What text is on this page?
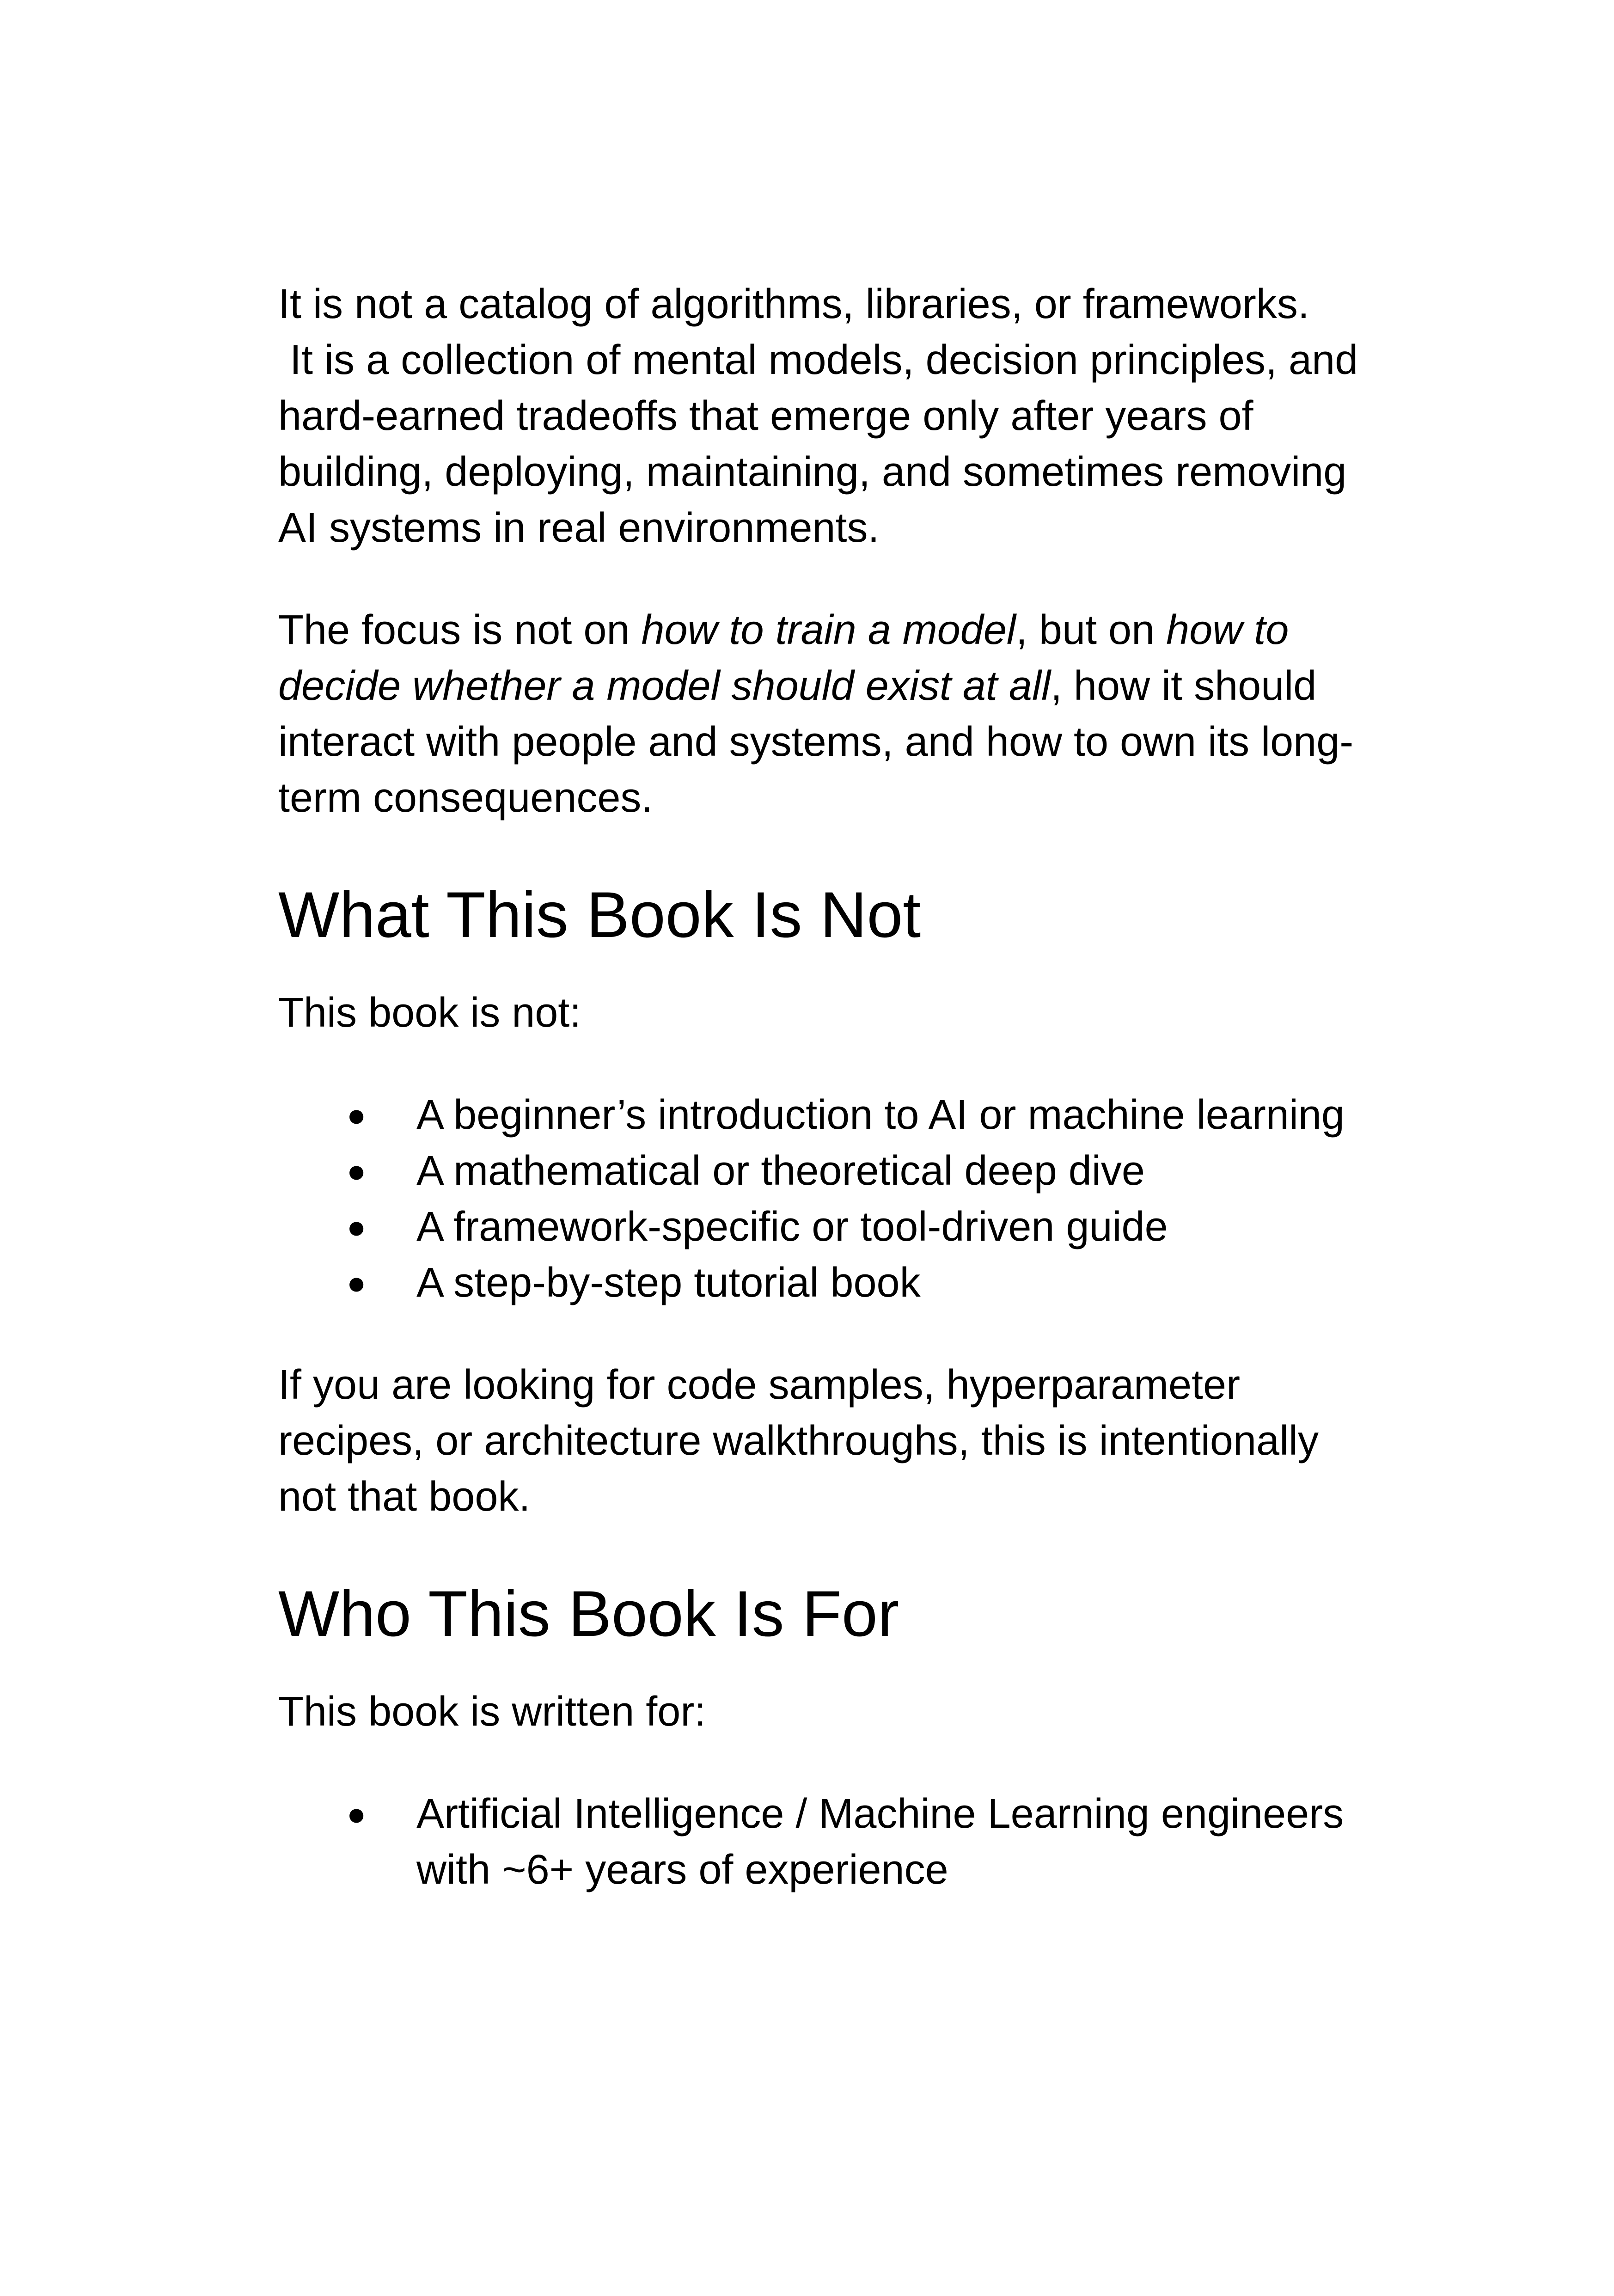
It is not a catalog of algorithms, libraries, or frameworks.
It is a collection of mental models, decision principles, and hard-earned tradeoffs that emerge only after years of building, deploying, maintaining, and sometimes removing AI systems in real environments.

The focus is not on how to train a model, but on how to decide whether a model should exist at all, how it should interact with people and systems, and how to own its long-term consequences.

What This Book Is Not

This book is not:

● A beginner’s introduction to AI or machine learning
● A mathematical or theoretical deep dive
● A framework-specific or tool-driven guide
● A step-by-step tutorial book

If you are looking for code samples, hyperparameter recipes, or architecture walkthroughs, this is intentionally not that book.

Who This Book Is For

This book is written for:

● Artificial Intelligence / Machine Learning engineers with ~6+ years of experience
